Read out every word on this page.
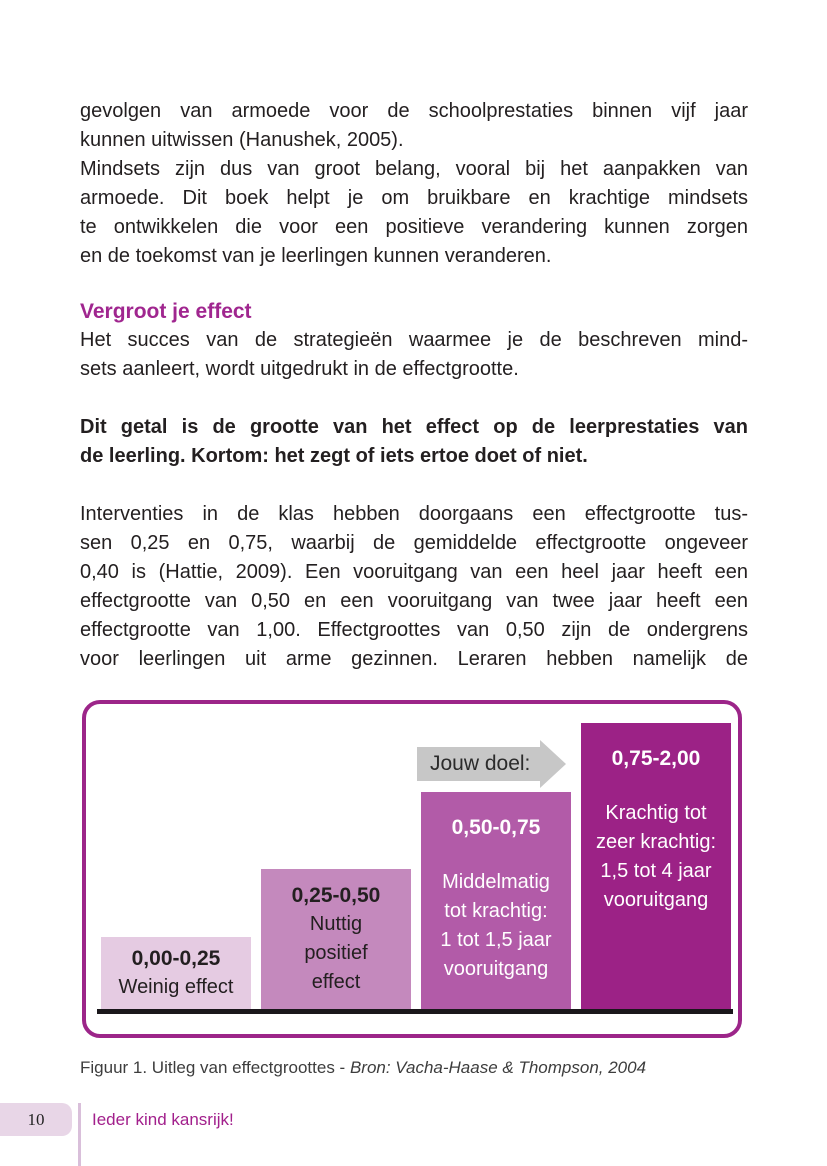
gevolgen van armoede voor de schoolprestaties binnen vijf jaar
kunnen uitwissen (Hanushek, 2005).
Mindsets zijn dus van groot belang, vooral bij het aanpakken van
armoede. Dit boek helpt je om bruikbare en krachtige mindsets
te ontwikkelen die voor een positieve verandering kunnen zorgen
en de toekomst van je leerlingen kunnen veranderen.
Vergroot je effect
Het succes van de strategieën waarmee je de beschreven mind-
sets aanleert, wordt uitgedrukt in de effectgrootte.
Dit getal is de grootte van het effect op de leerprestaties van
de leerling. Kortom: het zegt of iets ertoe doet of niet.
Interventies in de klas hebben doorgaans een effectgrootte tus-
sen 0,25 en 0,75, waarbij de gemiddelde effectgrootte ongeveer
0,40 is (Hattie, 2009). Een vooruitgang van een heel jaar heeft een
effectgrootte van 0,50 en een vooruitgang van twee jaar heeft een
effectgrootte van 1,00. Effectgroottes van 0,50 zijn de ondergrens
voor leerlingen uit arme gezinnen. Leraren hebben namelijk de
Jouw doel:
0,00-0,25
Weinig effect
0,25-0,50
Nuttig
positief
effect
0,50-0,75
Middelmatig
tot krachtig:
1 tot 1,5 jaar
vooruitgang
0,75-2,00
Krachtig tot
zeer krachtig:
1,5 tot 4 jaar
vooruitgang
Figuur 1. Uitleg van effectgroottes - Bron: Vacha-Haase & Thompson, 2004
10	Ieder kind kansrijk!
